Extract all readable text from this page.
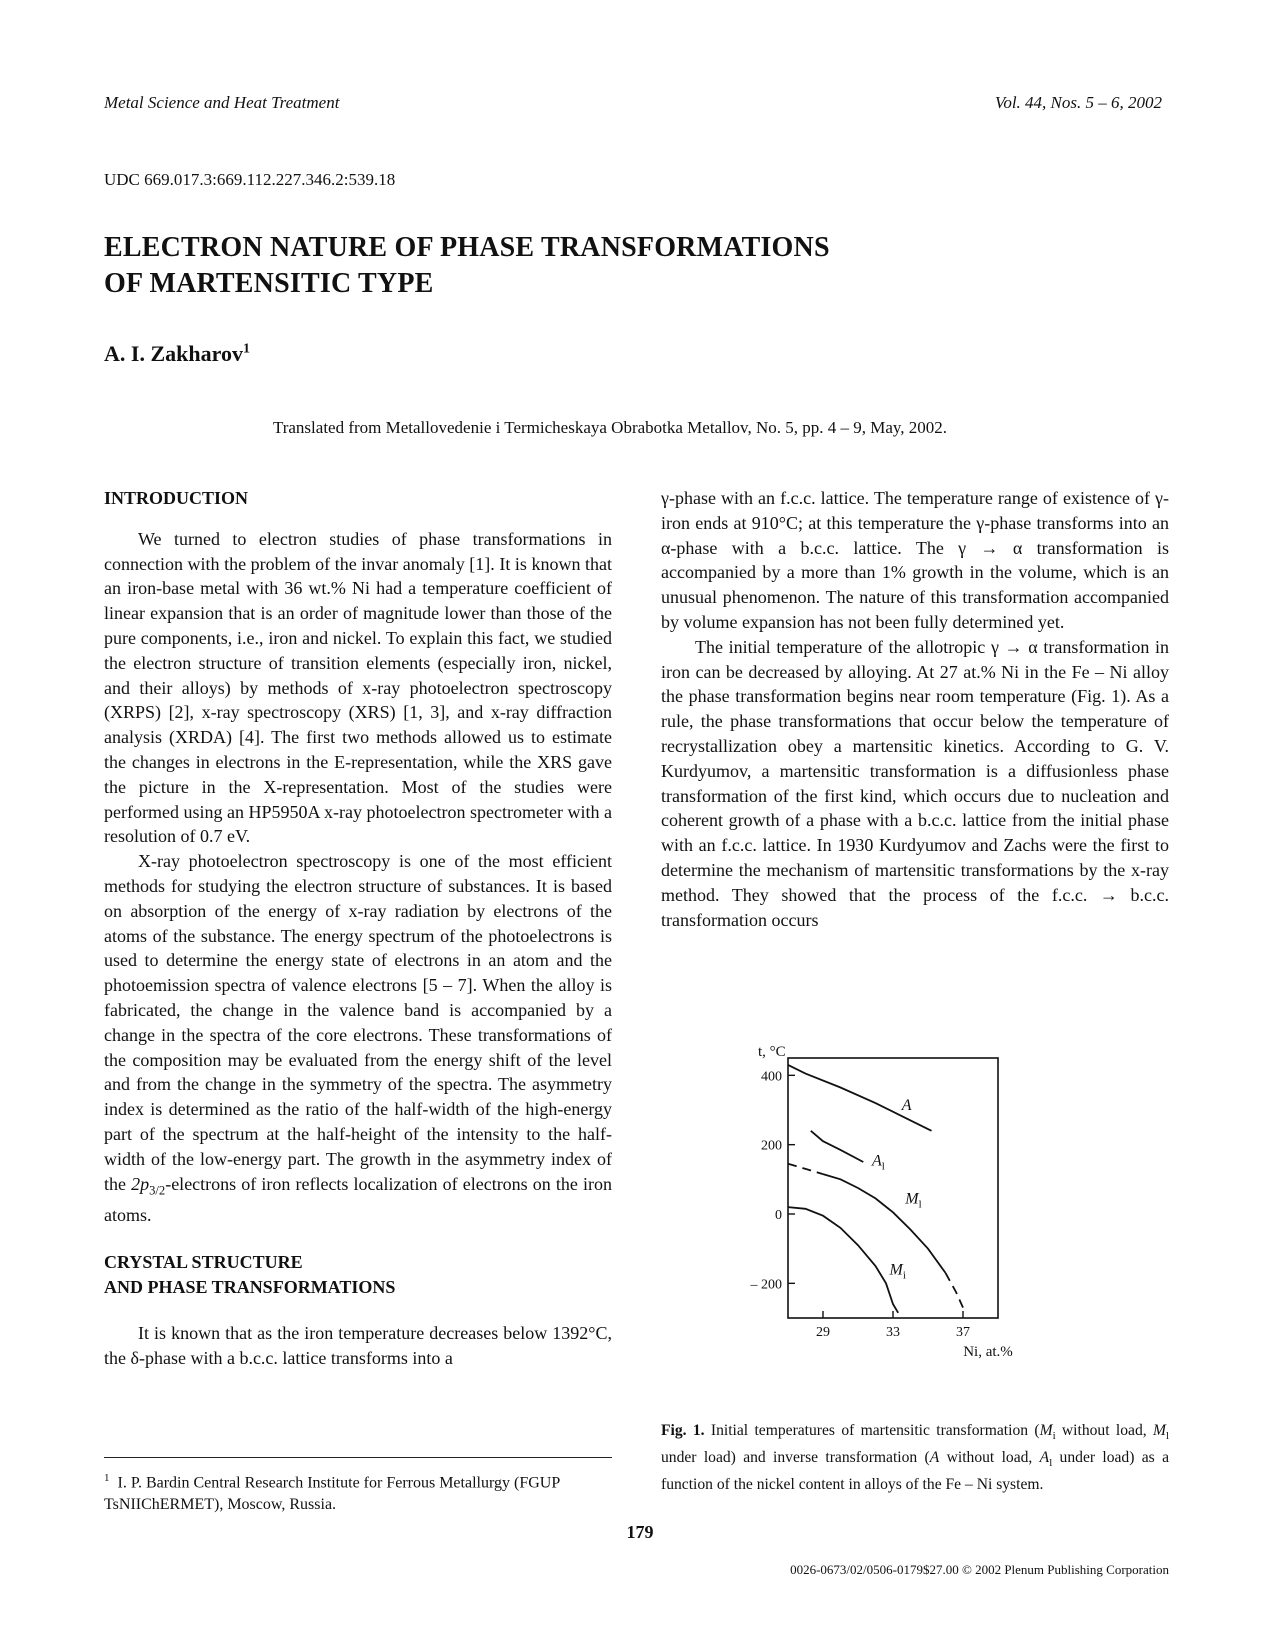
Metal Science and Heat Treatment	Vol. 44, Nos. 5 – 6, 2002
UDC 669.017.3:669.112.227.346.2:539.18
ELECTRON NATURE OF PHASE TRANSFORMATIONS
OF MARTENSITIC TYPE
A. I. Zakharov$^1$
Translated from Metallovedenie i Termicheskaya Obrabotka Metallov, No. 5, pp. 4 – 9, May, 2002.
INTRODUCTION

We turned to electron studies of phase transformations in connection with the problem of the invar anomaly [1]. It is known that an iron-base metal with 36 wt.% Ni had a temperature coefficient of linear expansion that is an order of magnitude lower than those of the pure components, i.e., iron and nickel. To explain this fact, we studied the electron structure of transition elements (especially iron, nickel, and their alloys) by methods of x-ray photoelectron spectroscopy (XRPS) [2], x-ray spectroscopy (XRS) [1, 3], and x-ray diffraction analysis (XRDA) [4]. The first two methods allowed us to estimate the changes in electrons in the E-representation, while the XRS gave the picture in the X-representation. Most of the studies were performed using an HP5950A x-ray photoelectron spectrometer with a resolution of 0.7 eV.

X-ray photoelectron spectroscopy is one of the most efficient methods for studying the electron structure of substances. It is based on absorption of the energy of x-ray radiation by electrons of the atoms of the substance. The energy spectrum of the photoelectrons is used to determine the energy state of electrons in an atom and the photoemission spectra of valence electrons [5 – 7]. When the alloy is fabricated, the change in the valence band is accompanied by a change in the spectra of the core electrons. These transformations of the composition may be evaluated from the energy shift of the level and from the change in the symmetry of the spectra. The asymmetry index is determined as the ratio of the half-width of the high-energy part of the spectrum at the half-height of the intensity to the half-width of the low-energy part. The growth in the asymmetry index of the $2p_{3/2}$-electrons of iron reflects localization of electrons on the iron atoms.

CRYSTAL STRUCTURE
AND PHASE TRANSFORMATIONS

It is known that as the iron temperature decreases below 1392°C, the δ-phase with a b.c.c. lattice transforms into a

γ-phase with an f.c.c. lattice. The temperature range of existence of γ-iron ends at 910°C; at this temperature the γ-phase transforms into an α-phase with a b.c.c. lattice. The γ → α transformation is accompanied by a more than 1% growth in the volume, which is an unusual phenomenon. The nature of this transformation accompanied by volume expansion has not been fully determined yet.

The initial temperature of the allotropic γ → α transformation in iron can be decreased by alloying. At 27 at.% Ni in the Fe – Ni alloy the phase transformation begins near room temperature (Fig. 1). As a rule, the phase transformations that occur below the temperature of recrystallization obey a martensitic kinetics. According to G. V. Kurdyumov, a martensitic transformation is a diffusionless phase transformation of the first kind, which occurs due to nucleation and coherent growth of a phase with a b.c.c. lattice from the initial phase with an f.c.c. lattice. In 1930 Kurdyumov and Zachs were the first to determine the mechanism of martensitic transformations by the x-ray method. They showed that the process of the f.c.c. → b.c.c. transformation occurs

400
200
0
– 200
29	33	37
t, °C
Ni, at.%
A
$A_l$
$M_l$
$M_i$
Fig. 1. Initial temperatures of martensitic transformation ($M_i$ without load, $M_l$ under load) and inverse transformation (A without load, $A_l$ under load) as a function of the nickel content in alloys of the Fe – Ni system.
$^1$ I. P. Bardin Central Research Institute for Ferrous Metallurgy (FGUP TsNIIChERMET), Moscow, Russia.
179
0026-0673/02/0506-0179$27.00 © 2002 Plenum Publishing Corporation
